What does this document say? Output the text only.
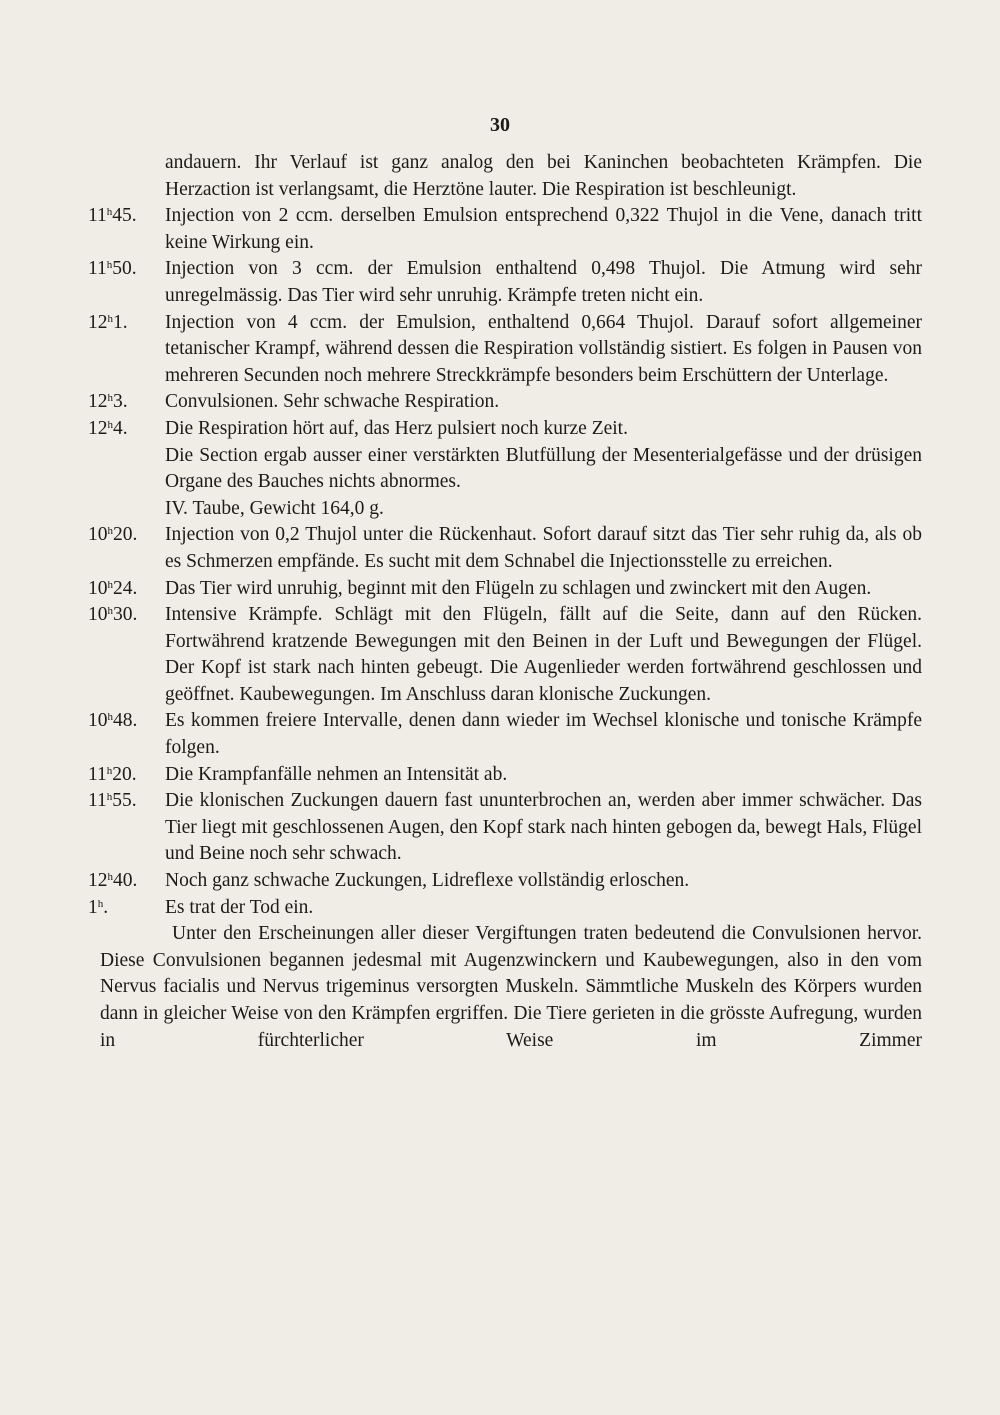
30
andauern. Ihr Verlauf ist ganz analog den bei Kaninchen beobachteten Krämpfen. Die Herzaction ist verlangsamt, die Herztöne lauter. Die Respiration ist beschleunigt.
11$^h$45. Injection von 2 ccm. derselben Emulsion entsprechend 0,322 Thujol in die Vene, danach tritt keine Wirkung ein.
11$^h$50. Injection von 3 ccm. der Emulsion enthaltend 0,498 Thujol. Die Atmung wird sehr unregelmässig. Das Tier wird sehr unruhig. Krämpfe treten nicht ein.
12$^h$1. Injection von 4 ccm. der Emulsion, enthaltend 0,664 Thujol. Darauf sofort allgemeiner tetanischer Krampf, während dessen die Respiration vollständig sistiert. Es folgen in Pausen von mehreren Secunden noch mehrere Streckkrämpfe besonders beim Erschüttern der Unterlage.
12$^h$3. Convulsionen. Sehr schwache Respiration.
12$^h$4. Die Respiration hört auf, das Herz pulsiert noch kurze Zeit.
Die Section ergab ausser einer verstärkten Blutfüllung der Mesenterialgefässe und der drüsigen Organe des Bauches nichts abnormes.
IV. Taube, Gewicht 164,0 g.
10$^h$20. Injection von 0,2 Thujol unter die Rückenhaut. Sofort darauf sitzt das Tier sehr ruhig da, als ob es Schmerzen empfände. Es sucht mit dem Schnabel die Injectionsstelle zu erreichen.
10$^h$24. Das Tier wird unruhig, beginnt mit den Flügeln zu schlagen und zwinckert mit den Augen.
10$^h$30. Intensive Krämpfe. Schlägt mit den Flügeln, fällt auf die Seite, dann auf den Rücken. Fortwährend kratzende Bewegungen mit den Beinen in der Luft und Bewegungen der Flügel. Der Kopf ist stark nach hinten gebeugt. Die Augenlieder werden fortwährend geschlossen und geöffnet. Kaubewegungen. Im Anschluss daran klonische Zuckungen.
10$^h$48. Es kommen freiere Intervalle, denen dann wieder im Wechsel klonische und tonische Krämpfe folgen.
11$^h$20. Die Krampfanfälle nehmen an Intensität ab.
11$^h$55. Die klonischen Zuckungen dauern fast ununterbrochen an, werden aber immer schwächer. Das Tier liegt mit geschlossenen Augen, den Kopf stark nach hinten gebogen da, bewegt Hals, Flügel und Beine noch sehr schwach.
12$^h$40. Noch ganz schwache Zuckungen, Lidreflexe vollständig erloschen.
1$^h$.	Es trat der Tod ein.
Unter den Erscheinungen aller dieser Vergiftungen traten bedeutend die Convulsionen hervor. Diese Convulsionen begannen jedesmal mit Augenzwinckern und Kaubewegungen, also in den vom Nervus facialis und Nervus trigeminus versorgten Muskeln. Sämmtliche Muskeln des Körpers wurden dann in gleicher Weise von den Krämpfen ergriffen. Die Tiere gerieten in die grösste Aufregung, wurden in fürchterlicher Weise im Zimmer
